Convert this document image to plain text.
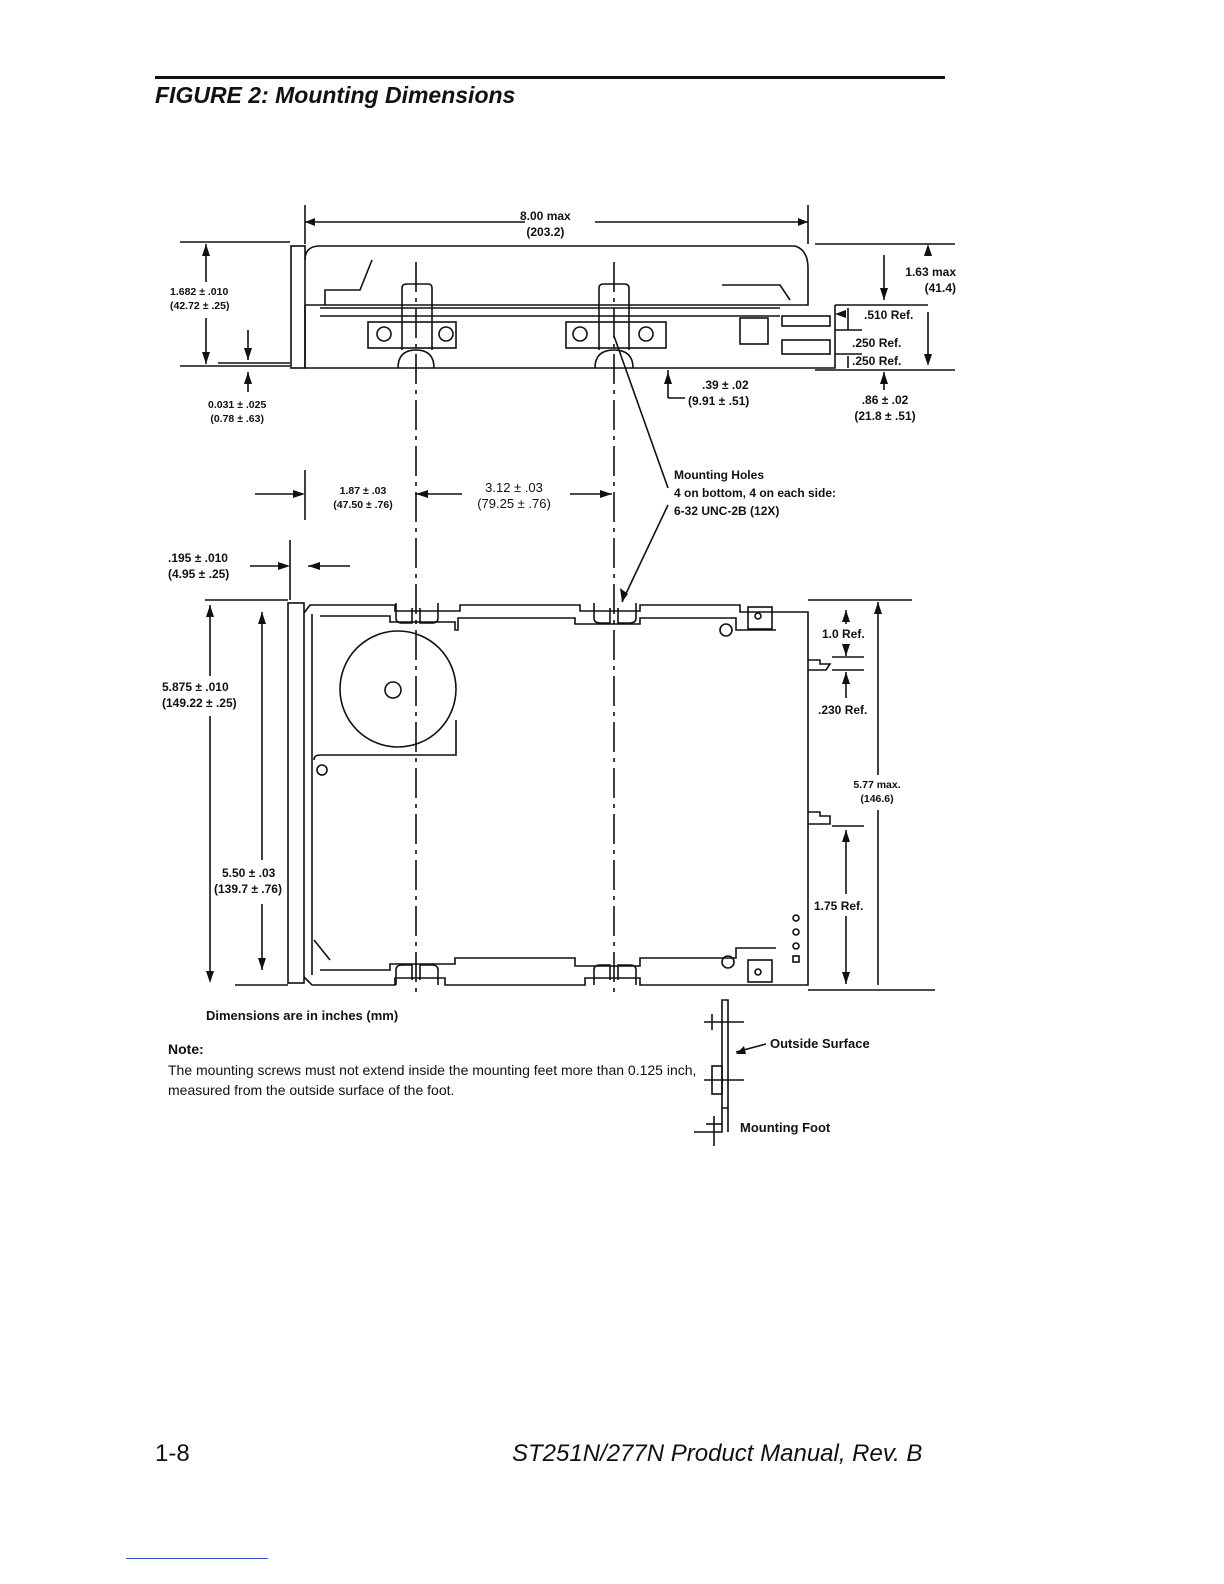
FIGURE 2: Mounting Dimensions
8.00 max
(203.2)
1.682 ± .010
(42.72 ± .25)
0.031 ± .025
(0.78 ± .63)
1.63 max
(41.4)
.510 Ref.
.250 Ref.
.250 Ref.
.39 ± .02
(9.91 ± .51)	.86 ± .02
(21.8 ± .51)
Mounting Holes
4 on bottom, 4 on each side:
6-32 UNC-2B (12X)
1.87 ± .03
(47.50 ± .76)
3.12 ± .03
(79.25 ± .76)
.195 ± .010
(4.95 ± .25)
5.875 ± .010
(149.22 ± .25)
5.50 ± .03
(139.7 ± .76)
1.0 Ref.
.230 Ref.
5.77 max.
(146.6)
1.75 Ref.
Dimensions are in inches (mm)
Note:
The mounting screws must not extend inside the mounting feet more than 0.125 inch, measured from the outside surface of the foot.
Outside Surface
Mounting Foot
1-8	ST251N/277N Product Manual, Rev. B
